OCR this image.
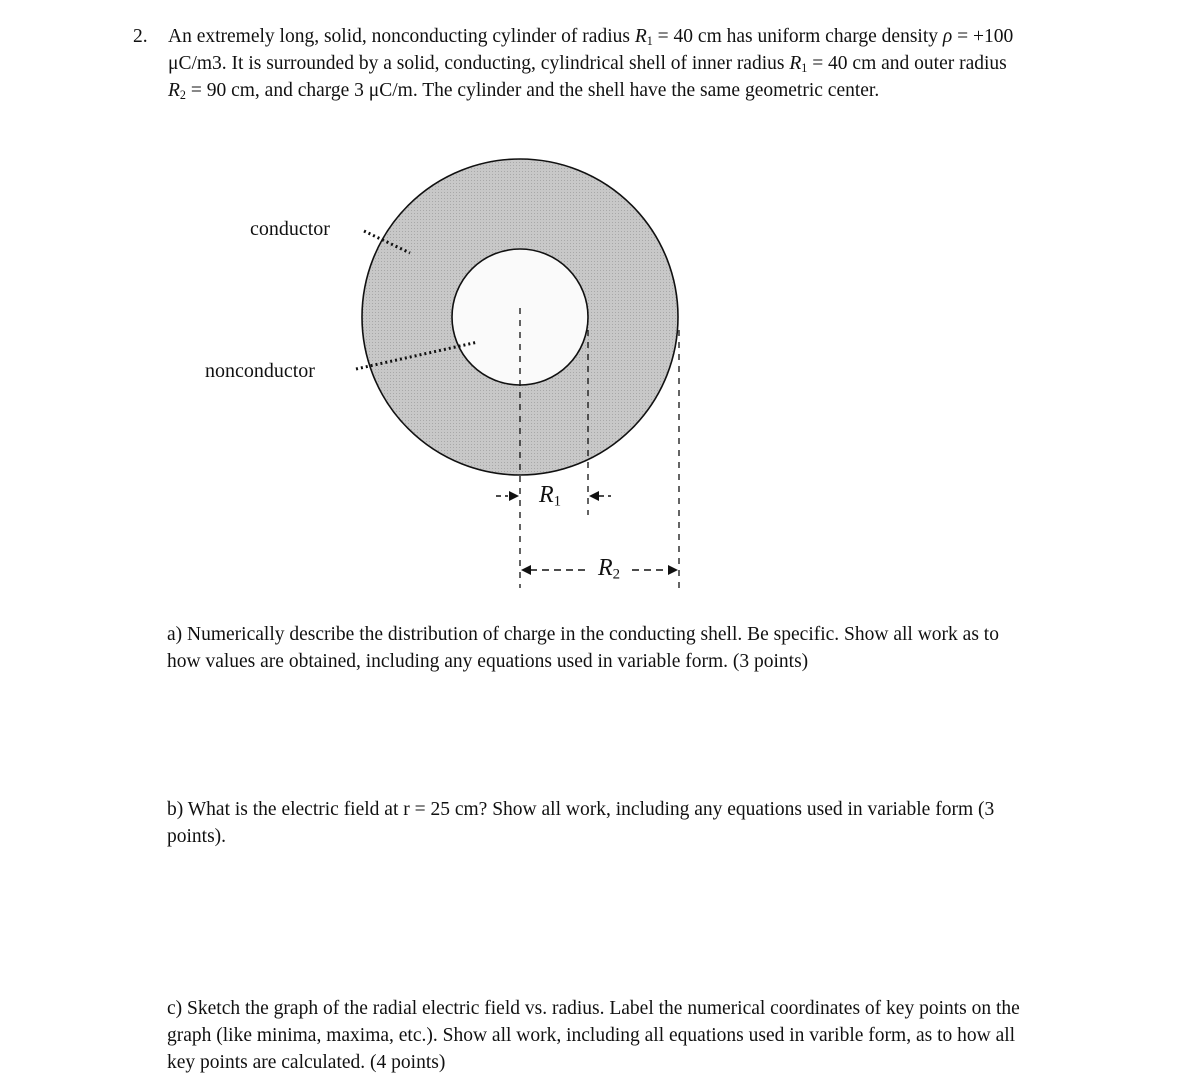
2. An extremely long, solid, nonconducting cylinder of radius $R_1 = 40$ cm has uniform charge density ρ = +100
μC/m3. It is surrounded by a solid, conducting, cylindrical shell of inner radius $R_1 = 40$ cm and outer radius
$R_2 = 90$ cm, and charge 3 μC/m. The cylinder and the shell have the same geometric center.
conductor
nonconductor
$R_1$
$R_2$
a) Numerically describe the distribution of charge in the conducting shell. Be specific. Show all work as to
how values are obtained, including any equations used in variable form. (3 points)
b) What is the electric field at r = 25 cm? Show all work, including any equations used in variable form (3
points).
c) Sketch the graph of the radial electric field vs. radius. Label the numerical coordinates of key points on the
graph (like minima, maxima, etc.). Show all work, including all equations used in varible form, as to how all
key points are calculated. (4 points)
